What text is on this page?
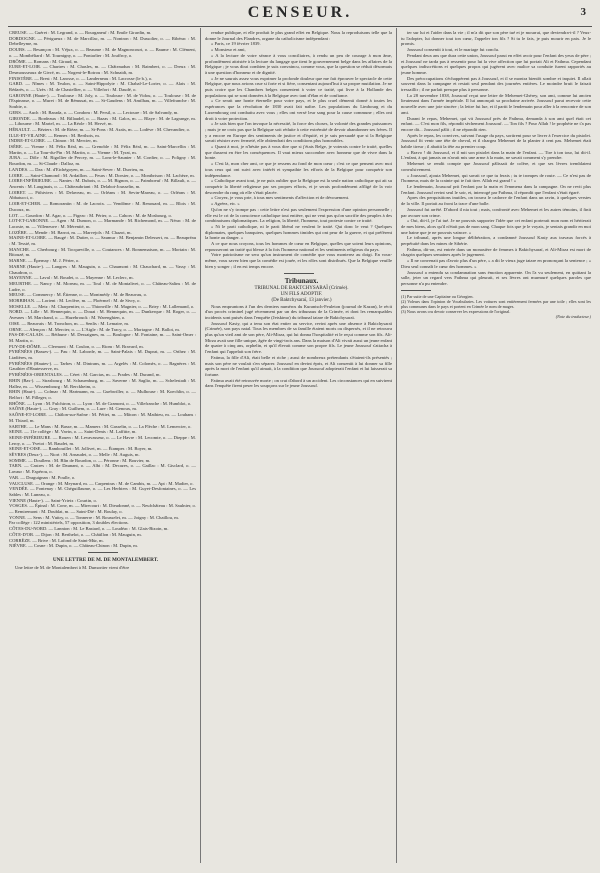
CENSEUR.	3

CREUSE. — Guéret : M. Legrand, o. — Bourganeuf : M. Emile Girardin, m.

DORDOGNE. — Périgueux : M. de Marcillac, m. — Nontron : M. Dussolier, o. — Ribérac : M. Debelleyme, m.

DOUBS. — Besançon : M. Véjux, o. — Beaume : M. de Magnoncourt, o. — Baume : M. Clément, o. — Montbéliard : M. Tournigny, o. — Pontarlier : M. Jouffroy, o.

DRÔME. — Romans : M. Giraud, m.

EURE-ET-LOIR. — Chartres : M. Chasles, m. — Châteaudun : M. Raimbert, o. — Dreux : M. Desmousseaux de Givré, m. — Nogent-le-Rotrou : M. Schnaidt, m.

FINISTÈRE. — Brest : M. Larosse, o. — Landerneau : M. Lacrosse (le b.), o.

GARD. — Nîmes : M. Teulon, o. — Saint-Hippolyte : M. Chabal-Le-Lorier, o. — Alais : M. Rédarès, o. — Uzès : M. de Chastellier, o. — Villefort : M. Daudé, o.

GARONNE (Haute-). — Toulouse : M. Joly, o. — Toulouse : M. de Vidou, o. — Toulouse : M. de l'Espinasse, o. — Muret : M. de Rémusat, m. — St-Gaudens : M. Amilhau, m. — Villefranche : M. Soubie, o.

GERS. — Auch : M. Barada, o. — Condom : M. Persil, o. — Lectoure : M. de Salvandy, m.

GIRONDE. — Bordeaux : M. Billaudel, o. — Bazas : M. Galos, m. — Blaye : M. de Lagrange, m. — Libourne : M. Martel, m. — La Réole : M. Hervé, m.

HÉRAULT. — Béziers : M. de Rièze, m. — St-Pons : M. Azaïs, m. — Lodève : M. Chevandier, o.

ILLE-ET-VILAINE. — Rennes : M. Berthois, m.

INDRE-ET-LOIRE. — Chinon : M. Mercier, m.

ISÈRE. — Vienne : M. Félix Réal, m. — Grenoble : M. Félix Réal, m. — Saint-Marcellin : M. Martin, o. — La Tour-du-Pin : M. Martin, o. — Vienne : M. Tyrat, m.

JURA. — Dôle : M. Rigollier de Percey, m. — Lons-le-Saunier : M. Cordier, o. — Poligny : M. Bourdon, m. — St-Claude : Dalloz, m.

LANDES. — Dax : M. d'Etchégoyen, m. — Saint-Sever : M. Durrieu, m.

LOIRE. — Saint-Chamond : M. Ardaillon. — Feurs : M. Dorsier, o. — Montbrison : M. Lachèze, m.

LOIRE-INFÉRIEURE. — Nantes : M. Dubois, o. — M. Bignon, o. — Paimboeuf : M. Billault, o. — Ancenis : M. Lauginais, o. — Châteaubriant : M. Delabot-Jousselin, m.

LOIRET. — Pithiviers : M. Delaveau, m. — Orléans : M. Sevin-Mareau, o. — Orléans : M. Abbatucci, o.

LOIR-ET-CHER. — Romorantin : M. de Lacroix. — Vendôme : M. Renouard, m. — Blois : M. Ducoux, m.

LOT. — Gourdon : M. Agar, o. — Figeac : M. Périer, o. — Cahors : M. de Mosbourg, o.

LOT-ET-GARONNE. — Agen : M. Dumon, o. — Marmande : M. Richemond, m. — Nérac : M. de Lacoste, m. — Villeneuve : M. Mérentié, m.

LOZÈRE. — Mende : M. Barrot, m. — Marvejols : M. Chazot, m.

MAINE-ET-LOIRE. — Baugé : M. Dutier, o. — Saumur : M. Benjamin Delessert, m. — Beaupréau : M. Tessié, m.

MANCHE. — Cherbourg : M. Tocqueville, o. — Coutances : M. Bonnemaison, m. — Mortain : M. Bitouzé, m.

MARNE. — Épernay : M. J. Périer, o.

MARNE (Haute-). — Langres : M. Mauguin, o. — Chaumont : M. Chauchard, m. — Vassy : M. Chaudron, o.

MAYENNE. — Laval : M. Boudet, o. — Mayenne : M. Leclerc, m.

MEURTHE. — Nancy : M. Moreau, m. — Toul : M. de Montalivet, o. — Château-Salins : M. de Ludre, o.

MEUSE. — Commercy : M. Étienne, o. — Montmédy : M. de Beauvau, o.

MORBIHAN. — Lorient : M. Leclère, m. — Ploërmel : M. de Sivry, o.

MOSELLE. — Metz : M. Charpentier, o. — Thionville : M. Magnier, o. — Briey : M. Lallemand, o.

NORD. — Lille : M. Hennequin, o. — Douai : M. Hennequin, m. — Dunkerque : M. Roger, o. — Avesnes : M. Marchand, o. — Hazebrouck : M. Warenghien, o.

OISE. — Beauvais : M. Tronchon, m. — Senlis : M. Lemaire, m.

ORNE. — Alençon : M. Mercier, o. — L'Aigle : M. de Tracy, o. — Mortagne : M. Ballot, m.

PAS-DE-CALAIS. — Béthune : M. Dessaignes, m. — Boulogne : M. Fontaine, m. — Saint-Omer : M. Martin, o.

PUY-DE-DÔME. — Clermont : M. Coulon, o. — Riom : M. Bravard, m.

PYRÉNÉES (Basses-). — Pau : M. Laborde, m. — Saint-Palais : M. Duprat, m. — Orthez : M. Liadières, m.

PYRÉNÉES (Hautes-). — Tarbes : M. Dintrans, m. — Argelès : M. Colomès, o. — Bagnères : M. Gauthier d'Hautesserve, m.

PYRÉNÉES-ORIENTALES. — Céret : M. Garcias, m. — Prades : M. Durand, m.

RHIN (Bas-). — Strasbourg : M. Schauenburg, m. — Saverne : M. Saglio, m. — Schelestadt : M. Hallez, m. — Wissembourg : M. Berckheim, o.

RHIN (Haut-). — Colmar : M. Hartmann, m. — Guebwiller, o. — Mulhouse : M. Koechlin, o. — Belfort : M. Pilleger, o.

RHÔNE. — Lyon : M. Fulchiron, o. — Lyon : M. de Gramont, o. — Villefranche : M. Humblot, o.

SAÔNE (Haute-). — Gray : M. Guilhem, o. — Lure : M. Genoux, m.

SAÔNE-ET-LOIRE. — Châlon-sur-Saône : M. Pétiet, m. — Mâcon : M. Mathieu, m. — Louhans : M. Thiard, m.

SARTHE. — Le Mans : M. Basse, m. — Mamers : M. Gasselin, o. — La Flèche : M. Lemercier, o.

SEINE. — 11e collège : M. Vavin, o. — Saint-Denis : M. Laffitte, m.

SEINE-INFÉRIEURE. — Rouen : M. Levavasseur, o. — Le Havre : M. Lecomte, o. — Dieppe : M. Leroy, o. — Yvetot : M. Baudet, m.

SEINE-ET-OISE. — Rambouillet : M. Jollivet, m. — Étampes : M. Boyer, m.

SÈVRES (Deux-). — Niort : M. Arnaudet, o. — Melle : M. Auguis, m.

SOMME. — Doullens : M. Blin de Bourdon, o. — Péronne : M. Bouvier, m.

TARN. — Castres : M. de Daunant, o. — Albi : M. Decazes, o. — Gaillac : M. Gisclard, o. — Lavaur : M. Espérou, o.

VAR. — Draguignan : M. Poulle, o.

VAUCLUSE. — Orange : M. Meynard, m. — Carpentras : M. de Cambis, m. — Apt : M. Madier, o.

VENDÉE. — Fontenay : M. Chéguillaume, o. — Les Herbiers : M. Guyet-Desfontaines, o. — Les Sables : M. Luneau, o.

VIENNE (Haute-). — Saint-Yrieix : Courtin, o.

VOSGES. — Épinal : M. Conv, m. — Mirecourt : M. Dieudonné, o. — Neufchâteau : M. Saulnier, o. — Remiremont : M. Doublat, m. — Saint-Dié : M. Boulay, o.

YONNE. — Sens : M. Vuitry, o. — Tonnerre : M. Rousselet, m. — Joigny : M. Chaillou, m.

Par collège : 122 ministériels, 57 opposition, 3 doubles élections.

CÔTES-DU-NORD. — Lannion : M. Le Bastard, o. — Loudéac : M. Glais-Bizoin, m.

CÔTE-D'OR. — Dijon : M. Berthelot, o. — Châtillon : M. Mauguin, m.

CORRÈZE. — Brive : M. Lafond de Saint-Mür, m.

NIÈVRE. — Cosne : M. Dupin, o. — Château-Chinon : M. Dupin, m.

UNE LETTRE DE M. DE MONTALEMBERT.

Une lettre de M. de Montalembert à M. Dumortier vient d'être

rendue publique, et elle produit le plus grand effet en Belgique. Nous la reproduisons telle que la donne le Journal des Flandres, organe du catholicisme indépendant :

« Paris, ce 19 février 1839.

« Monsieur et ami,

« A la lecture de votre séance à vous conciliaires, à rendu un peu de courage à mon âme, profondément attristée à la lecture du langage que tient le gouvernement belge dans les affaires de la Belgique ; je vous dirai combien je suis convaincu, comme vous, que la question se réduit désormais à une question d'honneur et de dignité.

« Je ne saurais assez vous exprimer la profonde douleur que me fait éprouver le spectacle de cette Belgique, que nous avions crue si forte et si fière, consentant aujourd'hui à sa propre mutilation. Je ne puis croire que les Chambres belges consentent à voter ce traité, qui livre à la Hollande des populations qui se sont données à la Belgique avec tant d'élan et de confiance.

« Ce serait une honte éternelle pour votre pays, et le plus cruel démenti donné à toutes les espérances que la révolution de 1830 avait fait naître. Les populations du Limbourg et du Luxembourg ont combattu avec vous ; elles ont versé leur sang pour la cause commune ; elles ont droit à votre protection.

« Je sais bien que l'on invoque la nécessité, la force des choses, la volonté des grandes puissances ; mais je ne crois pas que la Belgique soit réduite à cette extrémité de devoir abandonner ses frères. Il y a encore en Europe des sentiments de justice et d'équité, et je suis persuadé que si la Belgique savait résister avec fermeté, elle obtiendrait des conditions plus honorables.

« Quant à moi, je n'hésite pas à vous dire que si j'étais Belge, je voterais contre le traité, quelles que dussent en être les conséquences. Il vaut mieux succomber avec honneur que de vivre dans la honte.

« C'est là, mon cher ami, ce que je ressens au fond de mon cœur ; c'est ce que pensent avec moi tous ceux qui ont suivi avec intérêt et sympathie les efforts de la Belgique pour conquérir son indépendance.

« Catholique avant tout, je ne puis oublier que la Belgique est la seule nation catholique qui ait su conquérir la liberté religieuse par ses propres efforts, et je serais profondément affligé de la voir descendre du rang où elle s'était placée.

« Croyez, je vous prie, à tous mes sentiments d'affection et de dévouement.

« Agréez, etc. »

Qu'on ne s'y trompe pas : cette lettre n'est pas seulement l'expression d'une opinion personnelle ; elle est le cri de la conscience catholique tout entière, qui ne veut pas qu'on sacrifie des peuples à des combinaisons diplomatiques. La religion, la liberté, l'honneur, tout proteste contre ce traité.

« Ni le parti catholique, ni le parti libéral ne veulent le traité. Qui donc le veut ? Quelques diplomates, quelques banquiers, quelques hommes timides qui ont peur de la guerre, et qui préfèrent la honte au danger. »

A ce que nous croyons, tous les hommes de cœur en Belgique, quelles que soient leurs opinions, repousseront un traité qui blesse à la fois l'honneur national et les sentiments religieux du pays.

Votre patriotisme ne sera qu'un instrument de comédie que vous monterez au doigt. En vous-même, vous savez bien que la comédie est jouée, et les rôles sont distribués. Que la Belgique veuille bien y songer ; il en est temps encore.

Tribunaux.

TRIBUNAL DE BAKTCHYSARAÏ (Crimée).

UN FILS ADOPTIF.

(De Baktchysaraï, 13 janvier.)

Nous empruntons à l'un des derniers numéros du Kurantsch-Feuleton (journal de Kazan), le récit d'un procès criminel jugé récemment par un des tribunaux de la Crimée, et dont les remarquables incidents sont puisés dans l'enquête (Jetskimo) du tribunal tatare de Baktchysaraï.

Joussouf Kasty, qui a tenu son état entier au service, revint après une absence à Baktchysaraï (Crimée), son pays natal. Tous les membres de sa famille étaient morts ou dispersés, et il ne retrouva plus qu'un vieil ami de son père, Ali-Mirza, qui lui donna l'hospitalité et le reçut comme son fils. Ali-Mirza avait une fille unique, âgée de vingt-trois ans. Dans la maison d'Ali vivait aussi un jeune enfant de quatre à cinq ans, orphelin, et qu'il élevait comme son propre fils. Le jeune Joussouf s'attacha à l'enfant qui l'appelait son frère.

Fatima, la fille d'Ali, était belle et riche ; aussi de nombreux prétendants s'étaient-ils présentés ; mais son père ne voulait s'en séparer. Joussouf en devint épris, et Ali consentit à lui donner sa fille après la mort de l'enfant qu'il aimait, à la condition que Joussouf adopterait l'enfant et lui laisserait sa fortune.

Fatima avait été retrouvée morte ; on crut d'abord à un accident. Les circonstances qui en suivirent dans l'enquête firent peser les soupçons sur le jeune Joussouf.

ter sur lui et l'aider dans la vie ; il m'a dit que son père tué et je mourrai, que deviendra-t-il ? Veux-tu l'adopter, lui donner tout ton cœur, l'appeler ton fils ? Si tu le fais, je puis mourir en paix. Je le promis.

Joussouf consentit à tout, et le mariage fut conclu.

Pendant deux ans que dura cette union, Joussouf parut en effet avoir pour l'enfant des yeux de père ; et Joussouf ne tarda pas à ressentir pour lui la vive affection que lui portait Ali et Fathma. Cependant quelques indiscrétions et quelques propos qui jugèrent avec malice sa conduite furent rapportés au jeune homme.

Des préoccupations s'échappèrent pas à Joussouf, et il se montra bientôt sombre et inquiet. Il allait souvent dans la campagne et restait seul pendant des journées entières. Le moindre bruit le faisait tressaillir ; il ne parlait presque plus à personne.

La 28 novembre 1838, Joussouf reçut une lettre de Mehemet-Ghérey, son ami, comme lui ancien lieutenant dans l'armée impériale. Il lui annonçait sa prochaine arrivée. Joussouf parut recevoir cette nouvelle avec une joie sincère ; la lettre fut lue, et il partit le lendemain pour aller à la rencontre de son ami.

Durant le repas, Mehemet, qui vit Joussouf près de Fathma, demanda à son ami quel était cet enfant. — C'est mon fils, répondit sèchement Joussouf. — Ton fils ? Pour Allah ! le prophète ne t'a pas encore dit... Joussouf pâlit ; il ne répondit rien.

Après le repas, les convives, suivant l'usage du pays, sortirent pour se livrer à l'exercice du pistolet. Joussouf fit venir une tête de cheval, et il chargea Mehemet de la planter à cent pas. Mehemet était habile tireur ; il abattit la tête au premier coup.

« Bravo ! dit Joussouf, et il mit son pistolet dans la main de l'enfant. — Tire à ton tour, lui dit-il. L'enfant, à qui jamais on n'avait mis une arme à la main, ne savait comment s'y prendre.

Mehemet se rendit compte que Joussouf pâlissait de colère, et que ses lèvres tremblaient convulsivement.

« Joussouf, ajouta Mehemet, qui savait ce que tu ferais ; tu te trompes de route. — Ce n'est pas de l'honneur, mais de la crainte qui te fait tirer. Allah est grand ! »

Le lendemain, Joussouf prit l'enfant par la main et l'emmena dans la campagne. On ne revit plus l'enfant. Joussouf revint seul le soir, et, interrogé par Fathma, il répondit que l'enfant s'était égaré.

Apres des perquisitions inutiles, on trouva le cadavre de l'enfant dans un ravin, à quelques verstes de la ville. Il portait au front la trace d'une balle.

Joussouf fut arrêté. D'abord il nia tout ; mais, confronté avec Mehemet et les autres témoins, il finit par avouer son crime.

« Oui, dit-il, je l'ai tué. Je ne pouvais supporter l'idée que cet enfant porterait mon nom et hériterait de mes biens, alors qu'il n'était pas de mon sang. Chaque fois que je le voyais, je sentais grandir en moi une haine que je ne pouvais vaincre. »

Le tribunal, après une longue délibération, a condamné Joussouf Kasty aux travaux forcés à perpétuité dans les mines de Sibérie.

Fathma, dit-on, est entrée dans un monastère de femmes à Baktchysaraï, et Ali-Mirza est mort de chagrin quelques semaines après le jugement.

« Il ne convenait pas d'avoir plus d'un père, » a dit le vieux juge tatare en prononçant la sentence ; « Dieu seul connaît le cœur des hommes. »

Joussouf a entendu sa condamnation sans émotion apparente. On l'a vu seulement, en quittant la salle, jeter un regard vers Fathma qui pleurait, et ses lèvres ont murmuré quelques paroles que personne n'a pu entendre.

(1) Par suite de une Capitaine ou Géorgien.

(2) Voleurs dans l'opinion de Vocabularies. Les voitures sont entièrement fermées par une toile ; elles sont les plus communes dans le pays et portent en Crimée le nom de mages.

(3) Nous avons cru devoir conserver les expressions de l'original.

(Note du traducteur.)
